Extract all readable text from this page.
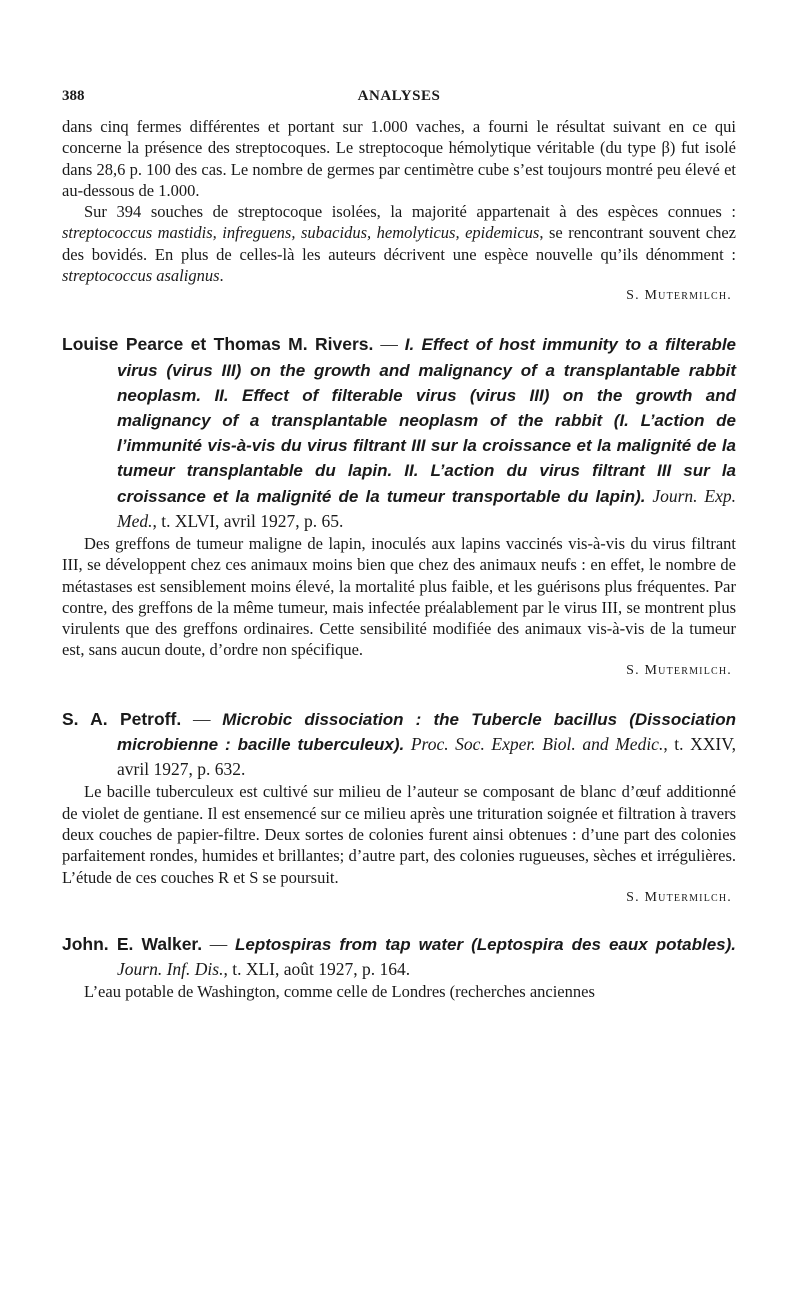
388	ANALYSES

dans cinq fermes différentes et portant sur 1.000 vaches, a fourni le résultat suivant en ce qui concerne la présence des streptocoques. Le streptocoque hémolytique véritable (du type β) fut isolé dans 28,6 p. 100 des cas. Le nombre de germes par centimètre cube s’est toujours montré peu élevé et au-dessous de 1.000.

Sur 394 souches de streptocoque isolées, la majorité appartenait à des espèces connues : streptococcus mastidis, infreguens, subacidus, hemolyticus, epidemicus, se rencontrant souvent chez des bovidés. En plus de celles-là les auteurs décrivent une espèce nouvelle qu’ils dénomment : streptococcus asalignus.

S. Mutermilch.

Louise Pearce et Thomas M. Rivers. — I. Effect of host immunity to a filterable virus (virus III) on the growth and malignancy of a transplantable rabbit neoplasm. II. Effect of filterable virus (virus III) on the growth and malignancy of a transplantable neoplasm of the rabbit (I. L’action de l’immunité vis-à-vis du virus filtrant III sur la croissance et la malignité de la tumeur transplantable du lapin. II. L’action du virus filtrant III sur la croissance et la malignité de la tumeur transportable du lapin). Journ. Exp. Med., t. XLVI, avril 1927, p. 65.

Des greffons de tumeur maligne de lapin, inoculés aux lapins vaccinés vis-à-vis du virus filtrant III, se développent chez ces animaux moins bien que chez des animaux neufs : en effet, le nombre de métastases est sensiblement moins élevé, la mortalité plus faible, et les guérisons plus fréquentes. Par contre, des greffons de la même tumeur, mais infectée préalablement par le virus III, se montrent plus virulents que des greffons ordinaires. Cette sensibilité modifiée des animaux vis-à-vis de la tumeur est, sans aucun doute, d’ordre non spécifique.

S. Mutermilch.

S. A. Petroff. — Microbic dissociation : the Tubercle bacillus (Dissociation microbienne : bacille tuberculeux). Proc. Soc. Exper. Biol. and Medic., t. XXIV, avril 1927, p. 632.

Le bacille tuberculeux est cultivé sur milieu de l’auteur se composant de blanc d’œuf additionné de violet de gentiane. Il est ensemencé sur ce milieu après une trituration soignée et filtration à travers deux couches de papier-filtre. Deux sortes de colonies furent ainsi obtenues : d’une part des colonies parfaitement rondes, humides et brillantes; d’autre part, des colonies rugueuses, sèches et irrégulières. L’étude de ces couches R et S se poursuit.

S. Mutermilch.

John. E. Walker. — Leptospiras from tap water (Leptospira des eaux potables). Journ. Inf. Dis., t. XLI, août 1927, p. 164.

L’eau potable de Washington, comme celle de Londres (recherches anciennes
